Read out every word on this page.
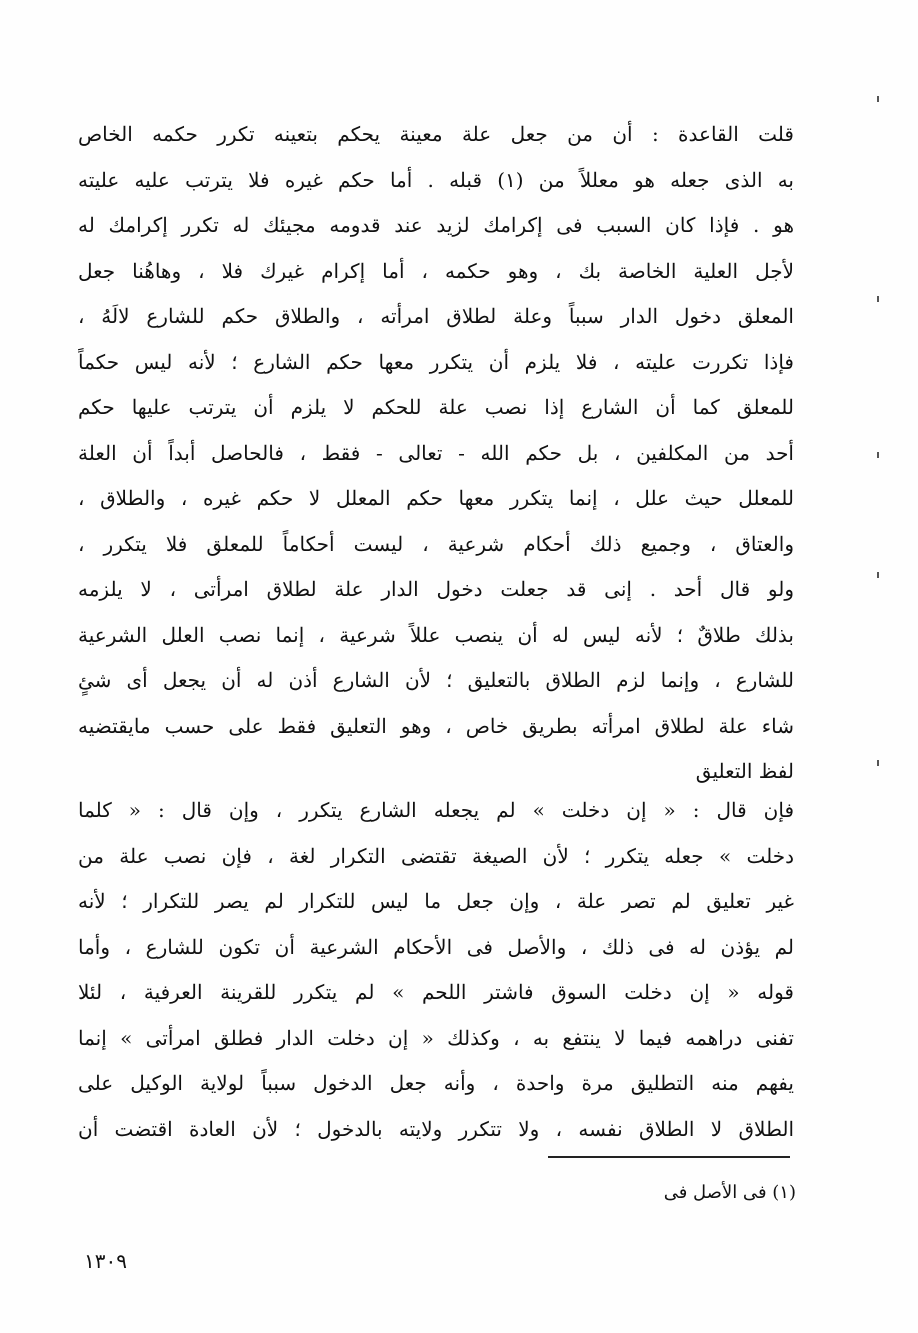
قلت القاعدة : أن من جعل علة معينة يحكم بتعينه تكرر حكمه الخاص
به الذى جعله هو معللاً من (١) قبله . أما حكم غيره فلا يترتب عليه عليته
هو . فإذا كان السبب فى إكرامك لزيد عند قدومه مجيئك له تكرر إكرامك له
لأجل العلية الخاصة بك ، وهو حكمه ، أما إكرام غيرك فلا ، وهاهُنا جعل
المعلق دخول الدار سبباً وعلة لطلاق امرأته ، والطلاق حكم للشارع لالَهُ ،
فإذا تكررت عليته ، فلا يلزم أن يتكرر معها حكم الشارع ؛ لأنه ليس حكماً
للمعلق كما أن الشارع إذا نصب علة للحكم لا يلزم أن يترتب عليها حكم
أحد من المكلفين ، بل حكم الله - تعالى - فقط ، فالحاصل أبداً أن العلة
للمعلل حيث علل ، إنما يتكرر معها حكم المعلل لا حكم غيره ، والطلاق ،
والعتاق ، وجميع ذلك أحكام شرعية ، ليست أحكاماً للمعلق فلا يتكرر ،
ولو قال أحد . إنى قد جعلت دخول الدار علة لطلاق امرأتى ، لا يلزمه
بذلك طلاقٌ ؛ لأنه ليس له أن ينصب عللاً شرعية ، إنما نصب العلل الشرعية
للشارع ، وإنما لزم الطلاق بالتعليق ؛ لأن الشارع أذن له أن يجعل أى شئٍ
شاء علة لطلاق امرأته بطريق خاص ، وهو التعليق فقط على حسب مايقتضيه
لفظ التعليق
فإن قال : « إن دخلت » لم يجعله الشارع يتكرر ، وإن قال : « كلما
دخلت » جعله يتكرر ؛ لأن الصيغة تقتضى التكرار لغة ، فإن نصب علة من
غير تعليق لم تصر علة ، وإن جعل ما ليس للتكرار لم يصر للتكرار ؛ لأنه
لم يؤذن له فى ذلك ، والأصل فى الأحكام الشرعية أن تكون للشارع ، وأما
قوله « إن دخلت السوق فاشتر اللحم » لم يتكرر للقرينة العرفية ، لئلا
تفنى دراهمه فيما لا ينتفع به ، وكذلك « إن دخلت الدار فطلق امرأتى » إنما
يفهم منه التطليق مرة واحدة ، وأنه جعل الدخول سبباً لولاية الوكيل على
الطلاق لا الطلاق نفسه ، ولا تتكرر ولايته بالدخول ؛ لأن العادة اقتضت أن
(١) فى الأصل فى
١٣٠٩
